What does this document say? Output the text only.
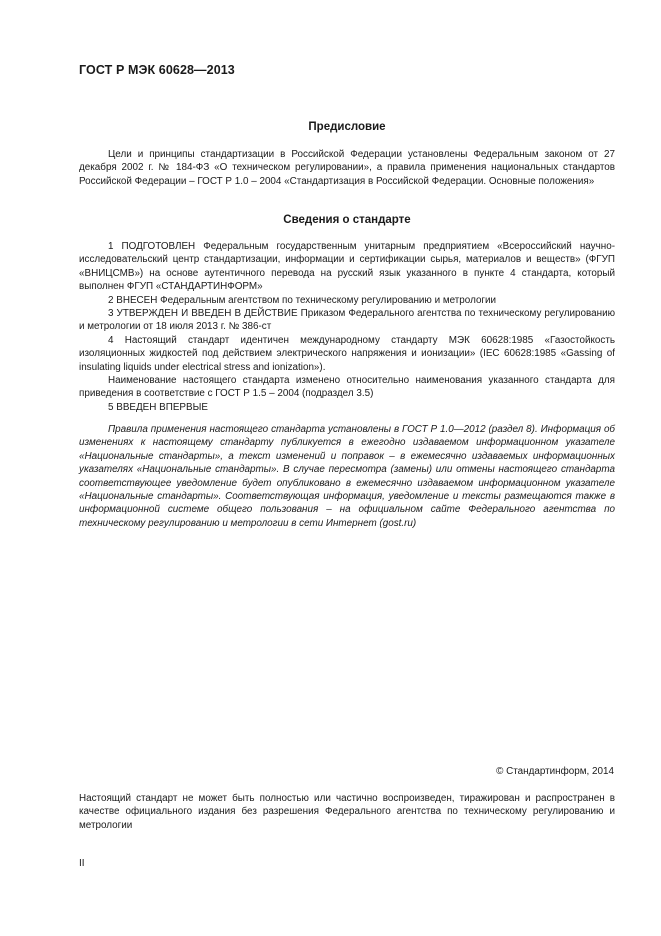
ГОСТ Р МЭК 60628—2013
Предисловие

Цели и принципы стандартизации в Российской Федерации установлены Федеральным законом от 27 декабря 2002 г. № 184-ФЗ «О техническом регулировании», а правила применения национальных стандартов Российской Федерации – ГОСТ Р 1.0 – 2004 «Стандартизация в Российской Федерации. Основные положения»

Сведения о стандарте

1 ПОДГОТОВЛЕН Федеральным государственным унитарным предприятием «Всероссийский научно-исследовательский центр стандартизации, информации и сертификации сырья, материалов и веществ» (ФГУП «ВНИЦСМВ») на основе аутентичного перевода на русский язык указанного в пункте 4 стандарта, который выполнен ФГУП «СТАНДАРТИНФОРМ»

2 ВНЕСЕН Федеральным агентством по техническому регулированию и метрологии

3 УТВЕРЖДЕН И ВВЕДЕН В ДЕЙСТВИЕ Приказом Федерального агентства по техническому регулированию и метрологии от 18 июля 2013 г. № 386-ст

4 Настоящий стандарт идентичен международному стандарту МЭК 60628:1985 «Газостойкость изоляционных жидкостей под действием электрического напряжения и ионизации» (IEC 60628:1985 «Gassing of insulating liquids under electrical stress and ionization»).

Наименование настоящего стандарта изменено относительно наименования указанного стандарта для приведения в соответствие с ГОСТ Р 1.5 – 2004 (подраздел 3.5)

5 ВВЕДЕН ВПЕРВЫЕ

Правила применения настоящего стандарта установлены в ГОСТ Р 1.0—2012 (раздел 8). Информация об изменениях к настоящему стандарту публикуется в ежегодно издаваемом информационном указателе «Национальные стандарты», а текст изменений и поправок – в ежемесячно издаваемых информационных указателях «Национальные стандарты». В случае пересмотра (замены) или отмены настоящего стандарта соответствующее уведомление будет опубликовано в ежемесячно издаваемом информационном указателе «Национальные стандарты». Соответствующая информация, уведомление и тексты размещаются также в информационной системе общего пользования – на официальном сайте Федерального агентства по техническому регулированию и метрологии в сети Интернет (gost.ru)

© Стандартинформ, 2014
Настоящий стандарт не может быть полностью или частично воспроизведен, тиражирован и распространен в качестве официального издания без разрешения Федерального агентства по техническому регулированию и метрологии
II
